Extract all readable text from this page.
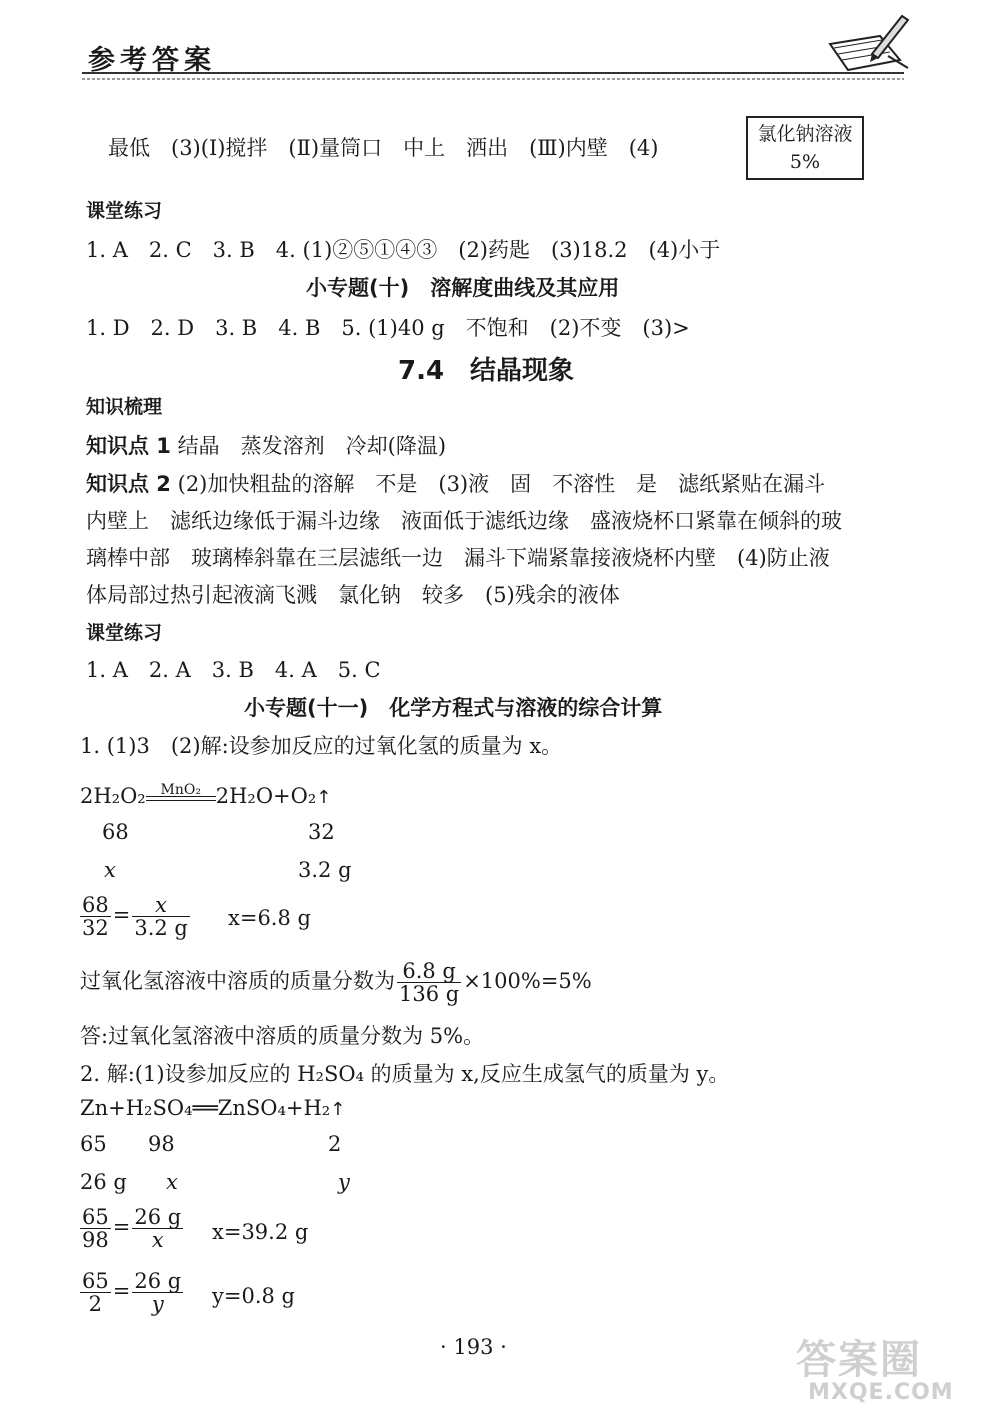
参考答案
最低　(3)(Ⅰ)搅拌　(Ⅱ)量筒口　中上　洒出　(Ⅲ)内壁　(4)
氯化钠溶液
5%
课堂练习
1. A　2. C　3. B　4. (1)②⑤①④③　(2)药匙　(3)18.2　(4)小于
小专题(十)　溶解度曲线及其应用
1. D　2. D　3. B　4. B　5. (1)40 g　不饱和　(2)不变　(3)>
7.4　结晶现象
知识梳理
知识点 1 结晶　蒸发溶剂　冷却(降温)
知识点 2 (2)加快粗盐的溶解　不是　(3)液　固　不溶性　是　滤纸紧贴在漏斗
内壁上　滤纸边缘低于漏斗边缘　液面低于滤纸边缘　盛液烧杯口紧靠在倾斜的玻
璃棒中部　玻璃棒斜靠在三层滤纸一边　漏斗下端紧靠接液烧杯内壁　(4)防止液
体局部过热引起液滴飞溅　氯化钠　较多　(5)残余的液体
课堂练习
1. A　2. A　3. B　4. A　5. C
小专题(十一)　化学方程式与溶液的综合计算
1. (1)3　(2)解:设参加反应的过氧化氢的质量为 x。
2H₂O₂	MnO₂ 2H₂O+O₂↑
68	32
x	3.2 g
$\frac{68}{32} = \frac{x}{3.2 g} x=6.8$ g
过氧化氢溶液中溶质的质量分数为 $\frac{6.8 g}{136 g} \times 100\%=5\%$
答:过氧化氢溶液中溶质的质量分数为 5%。
2. 解:(1)设参加反应的 H₂SO₄ 的质量为 x,反应生成氢气的质量为 y。
Zn+H₂SO₄══ZnSO₄+H₂↑
65 98	2
26 g x	y
$\frac{65}{98} = \frac{26 g}{x} x=39.2$ g
$\frac{65}{2} = \frac{26 g}{y} y=0.8$ g
· 193 ·	答案圈
MXQE.COM
